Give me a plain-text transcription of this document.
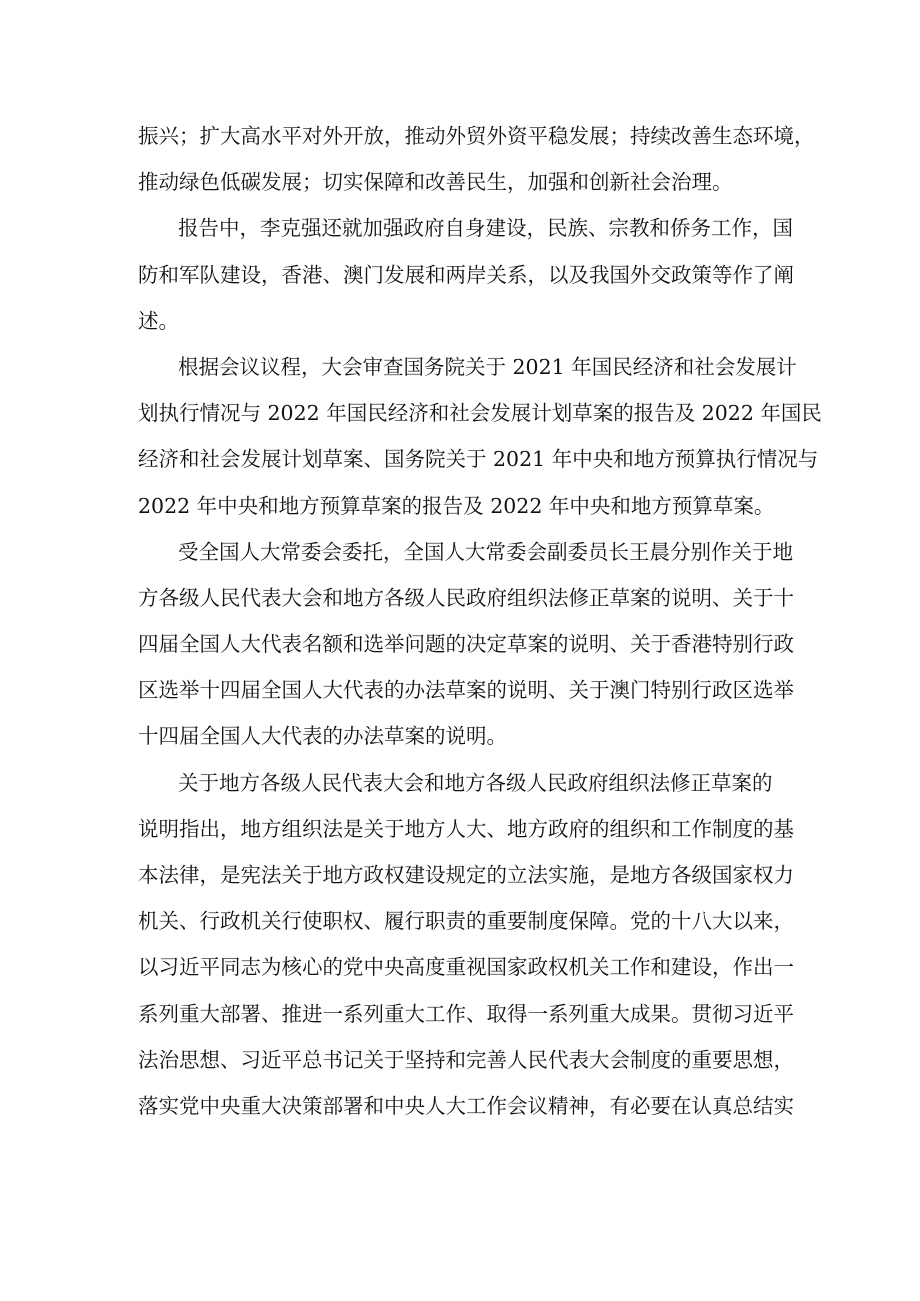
振兴；扩大高水平对外开放，推动外贸外资平稳发展；持续改善生态环境，
推动绿色低碳发展；切实保障和改善民生，加强和创新社会治理。
报告中，李克强还就加强政府自身建设，民族、宗教和侨务工作，国
防和军队建设，香港、澳门发展和两岸关系，以及我国外交政策等作了阐
述。
根据会议议程，大会审查国务院关于 2021 年国民经济和社会发展计
划执行情况与 2022 年国民经济和社会发展计划草案的报告及 2022 年国民
经济和社会发展计划草案、国务院关于 2021 年中央和地方预算执行情况与
2022 年中央和地方预算草案的报告及 2022 年中央和地方预算草案。
受全国人大常委会委托，全国人大常委会副委员长王晨分别作关于地
方各级人民代表大会和地方各级人民政府组织法修正草案的说明、关于十
四届全国人大代表名额和选举问题的决定草案的说明、关于香港特别行政
区选举十四届全国人大代表的办法草案的说明、关于澳门特别行政区选举
十四届全国人大代表的办法草案的说明。
关于地方各级人民代表大会和地方各级人民政府组织法修正草案的
说明指出，地方组织法是关于地方人大、地方政府的组织和工作制度的基
本法律，是宪法关于地方政权建设规定的立法实施，是地方各级国家权力
机关、行政机关行使职权、履行职责的重要制度保障。党的十八大以来，
以习近平同志为核心的党中央高度重视国家政权机关工作和建设，作出一
系列重大部署、推进一系列重大工作、取得一系列重大成果。贯彻习近平
法治思想、习近平总书记关于坚持和完善人民代表大会制度的重要思想，
落实党中央重大决策部署和中央人大工作会议精神，有必要在认真总结实
